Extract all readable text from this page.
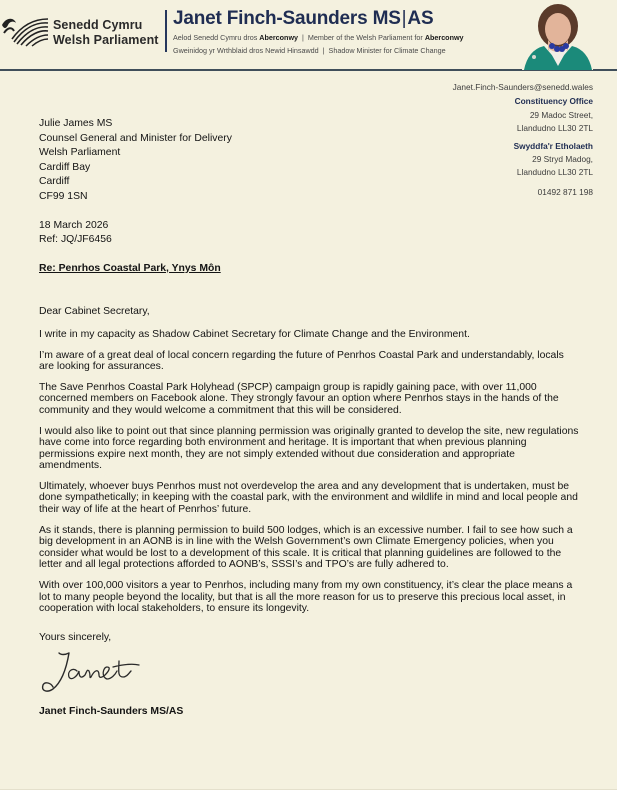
Senedd Cymru
Welsh Parliament
Janet Finch-Saunders MS|AS
Aelod Senedd Cymru dros Aberconwy  |  Member of the Welsh Parliament for Aberconwy
Gweinidog yr Wrthblaid dros Newid Hinsawdd  |  Shadow Minister for Climate Change
Janet.Finch-Saunders@senedd.wales
Constituency Office
29 Madoc Street,
Llandudno LL30 2TL
Swyddfa'r Etholaeth
29 Stryd Madog,
Llandudno LL30 2TL
01492 871 198
Julie James MS
Counsel General and Minister for Delivery
Welsh Parliament
Cardiff Bay
Cardiff
CF99 1SN
18 March 2026
Ref: JQ/JF6456
Re: Penrhos Coastal Park, Ynys Môn
Dear Cabinet Secretary,

I write in my capacity as Shadow Cabinet Secretary for Climate Change and the Environment.

I’m aware of a great deal of local concern regarding the future of Penrhos Coastal Park and understandably, locals are looking for assurances.

The Save Penrhos Coastal Park Holyhead (SPCP) campaign group is rapidly gaining pace, with over 11,000 concerned members on Facebook alone. They strongly favour an option where Penrhos stays in the hands of the community and they would welcome a commitment that this will be considered.

I would also like to point out that since planning permission was originally granted to develop the site, new regulations have come into force regarding both environment and heritage. It is important that when previous planning permissions expire next month, they are not simply extended without due consideration and appropriate amendments.

Ultimately, whoever buys Penrhos must not overdevelop the area and any development that is undertaken, must be done sympathetically; in keeping with the coastal park, with the environment and wildlife in mind and local people and their way of life at the heart of Penrhos’ future.

As it stands, there is planning permission to build 500 lodges, which is an excessive number. I fail to see how such a big development in an AONB is in line with the Welsh Government’s own Climate Emergency policies, when you consider what would be lost to a development of this scale. It is critical that planning guidelines are followed to the letter and all legal protections afforded to AONB’s, SSSI’s and TPO’s are fully adhered to.

With over 100,000 visitors a year to Penrhos, including many from my own constituency, it’s clear the place means a lot to many people beyond the locality, but that is all the more reason for us to preserve this precious local asset, in cooperation with local stakeholders, to ensure its longevity.

Yours sincerely,
Janet Finch-Saunders MS/AS
